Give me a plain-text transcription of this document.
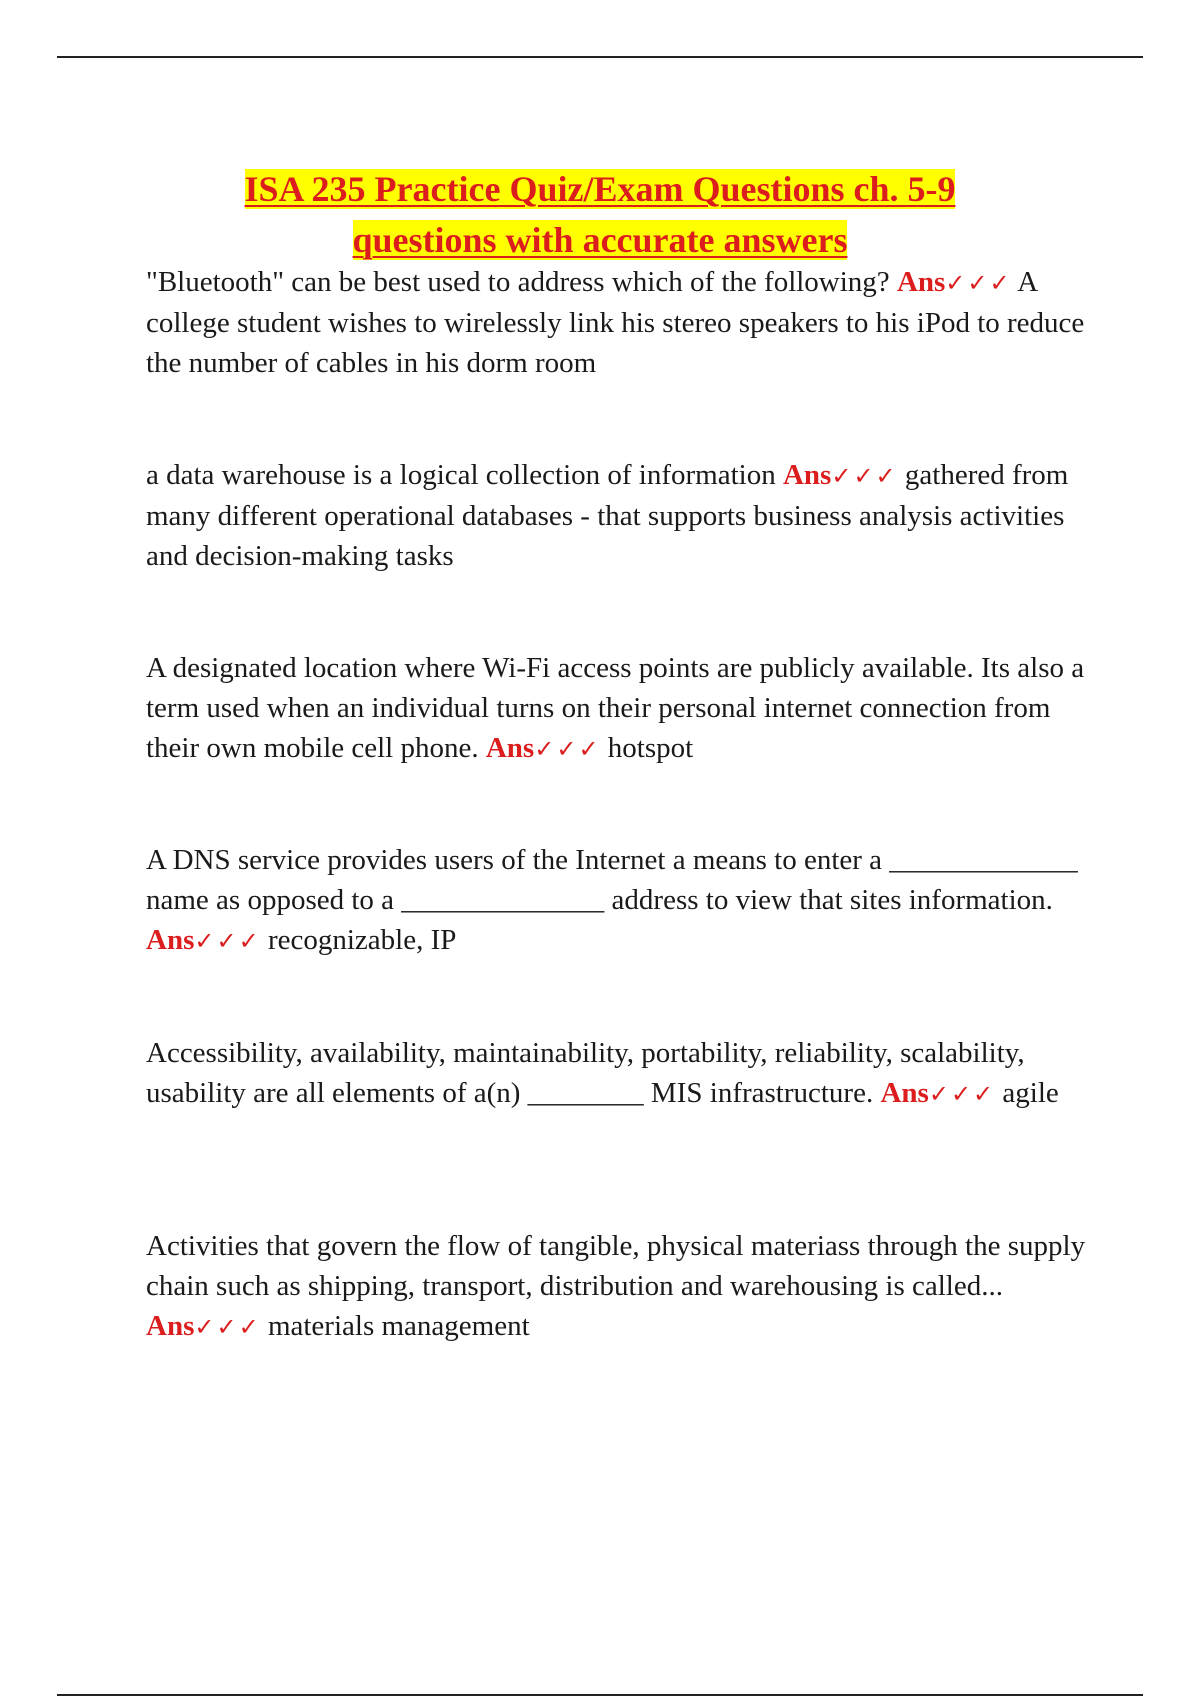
ISA 235 Practice Quiz/Exam Questions ch. 5-9
questions with accurate answers

"Bluetooth" can be best used to address which of the following? Ans✓✓✓ A college student wishes to wirelessly link his stereo speakers to his iPod to reduce the number of cables in his dorm room

a data warehouse is a logical collection of information Ans✓✓✓ gathered from many different operational databases - that supports business analysis activities and decision-making tasks

A designated location where Wi-Fi access points are publicly available. Its also a term used when an individual turns on their personal internet connection from their own mobile cell phone. Ans✓✓✓ hotspot

A DNS service provides users of the Internet a means to enter a _____________ name as opposed to a ______________ address to view that sites information. Ans✓✓✓ recognizable, IP

Accessibility, availability, maintainability, portability, reliability, scalability, usability are all elements of a(n) ________ MIS infrastructure. Ans✓✓✓ agile

Activities that govern the flow of tangible, physical materiass through the supply chain such as shipping, transport, distribution and warehousing is called... Ans✓✓✓ materials management
